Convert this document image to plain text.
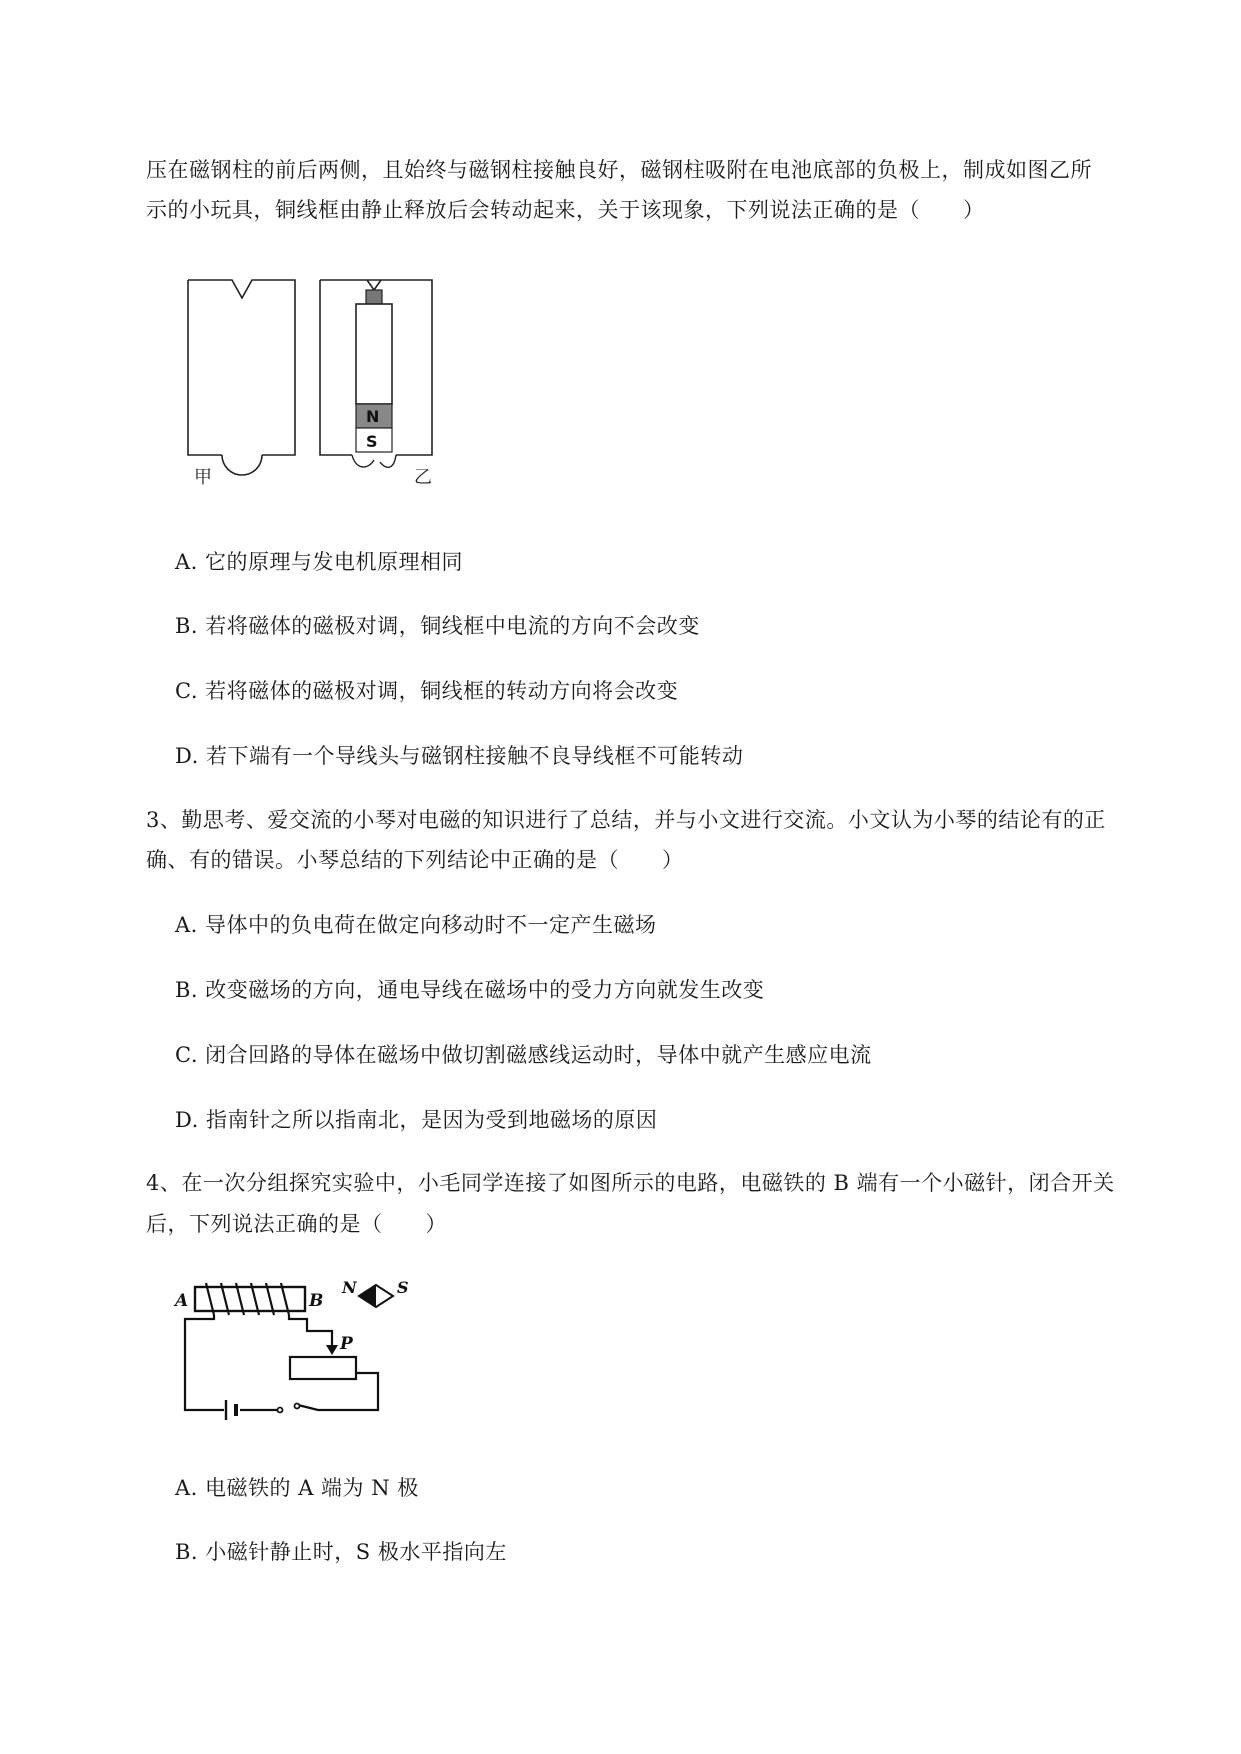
压在磁钢柱的前后两侧，且始终与磁钢柱接触良好，磁钢柱吸附在电池底部的负极上，制成如图乙所
示的小玩具，铜线框由静止释放后会转动起来，关于该现象，下列说法正确的是（　　）
甲
N
S
乙
A. 它的原理与发电机原理相同
B. 若将磁体的磁极对调，铜线框中电流的方向不会改变
C. 若将磁体的磁极对调，铜线框的转动方向将会改变
D. 若下端有一个导线头与磁钢柱接触不良导线框不可能转动
3、勤思考、爱交流的小琴对电磁的知识进行了总结，并与小文进行交流。小文认为小琴的结论有的正
确、有的错误。小琴总结的下列结论中正确的是（　　）
A. 导体中的负电荷在做定向移动时不一定产生磁场
B. 改变磁场的方向，通电导线在磁场中的受力方向就发生改变
C. 闭合回路的导体在磁场中做切割磁感线运动时，导体中就产生感应电流
D. 指南针之所以指南北，是因为受到地磁场的原因
4、在一次分组探究实验中，小毛同学连接了如图所示的电路，电磁铁的 B 端有一个小磁针，闭合开关
后，下列说法正确的是（　　）
A	B
N	S
P
A. 电磁铁的 A 端为 N 极
B. 小磁针静止时，S 极水平指向左
